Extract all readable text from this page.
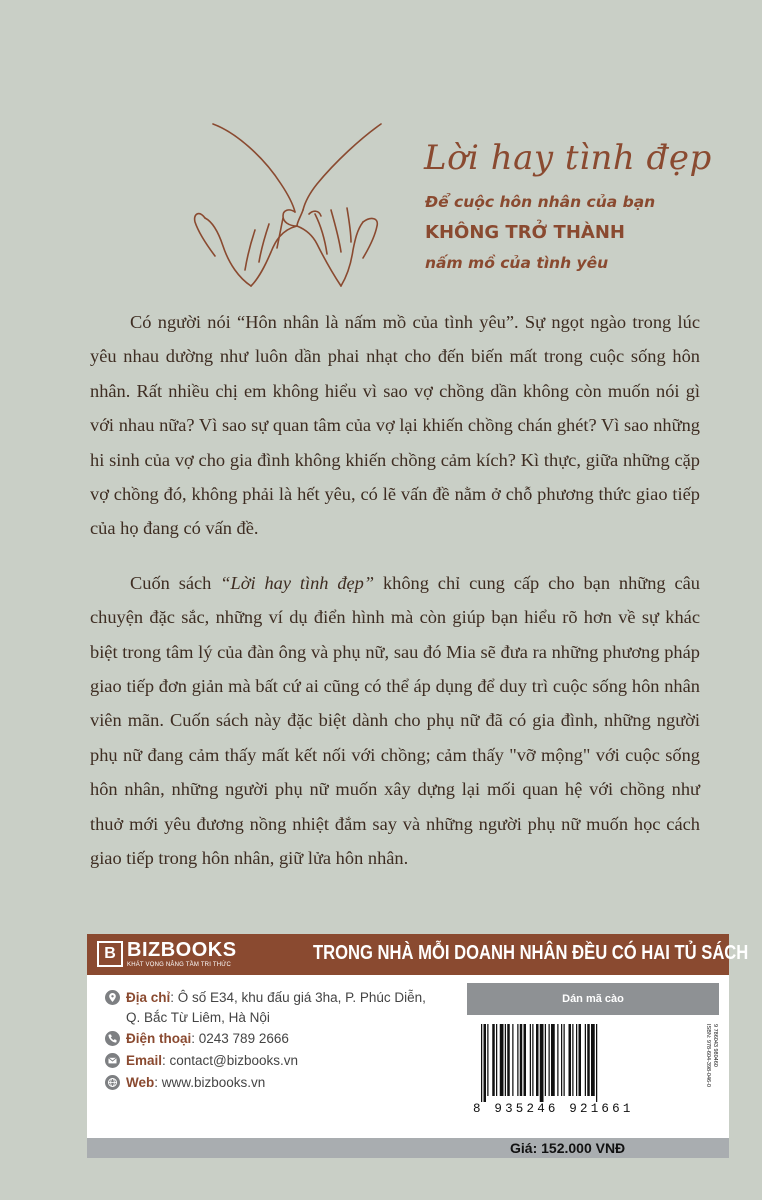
Lời hay tình đẹp
Để cuộc hôn nhân của bạn
KHÔNG TRỞ THÀNH
nấm mồ của tình yêu

Có người nói “Hôn nhân là nấm mồ của tình yêu”. Sự ngọt ngào trong lúc yêu nhau dường như luôn dần phai nhạt cho đến biến mất trong cuộc sống hôn nhân. Rất nhiều chị em không hiểu vì sao vợ chồng dần không còn muốn nói gì với nhau nữa? Vì sao sự quan tâm của vợ lại khiến chồng chán ghét? Vì sao những hi sinh của vợ cho gia đình không khiến chồng cảm kích? Kì thực, giữa những cặp vợ chồng đó, không phải là hết yêu, có lẽ vấn đề nằm ở chỗ phương thức giao tiếp của họ đang có vấn đề.

Cuốn sách “Lời hay tình đẹp” không chỉ cung cấp cho bạn những câu chuyện đặc sắc, những ví dụ điển hình mà còn giúp bạn hiểu rõ hơn về sự khác biệt trong tâm lý của đàn ông và phụ nữ, sau đó Mia sẽ đưa ra những phương pháp giao tiếp đơn giản mà bất cứ ai cũng có thể áp dụng để duy trì cuộc sống hôn nhân viên mãn. Cuốn sách này đặc biệt dành cho phụ nữ đã có gia đình, những người phụ nữ đang cảm thấy mất kết nối với chồng; cảm thấy "vỡ mộng" với cuộc sống hôn nhân, những người phụ nữ muốn xây dựng lại mối quan hệ với chồng như thuở mới yêu đương nồng nhiệt đắm say và những người phụ nữ muốn học cách giao tiếp trong hôn nhân, giữ lửa hôn nhân.

B BIZBOOKS
KHÁT VỌNG NÂNG TẦM TRI THỨC
TRONG NHÀ MỖI DOANH NHÂN ĐỀU CÓ HAI TỦ SÁCH
Địa chỉ: Ô số E34, khu đấu giá 3ha, P. Phúc Diễn,
Q. Bắc Từ Liêm, Hà Nội
Điện thoại: 0243 789 2666
Email: contact@bizbooks.vn
Web: www.bizbooks.vn
Dán mã cào
8 935246 921661
ISBN: 978-604-398-046-0 9 786043 980460
Giá: 152.000 VNĐ
